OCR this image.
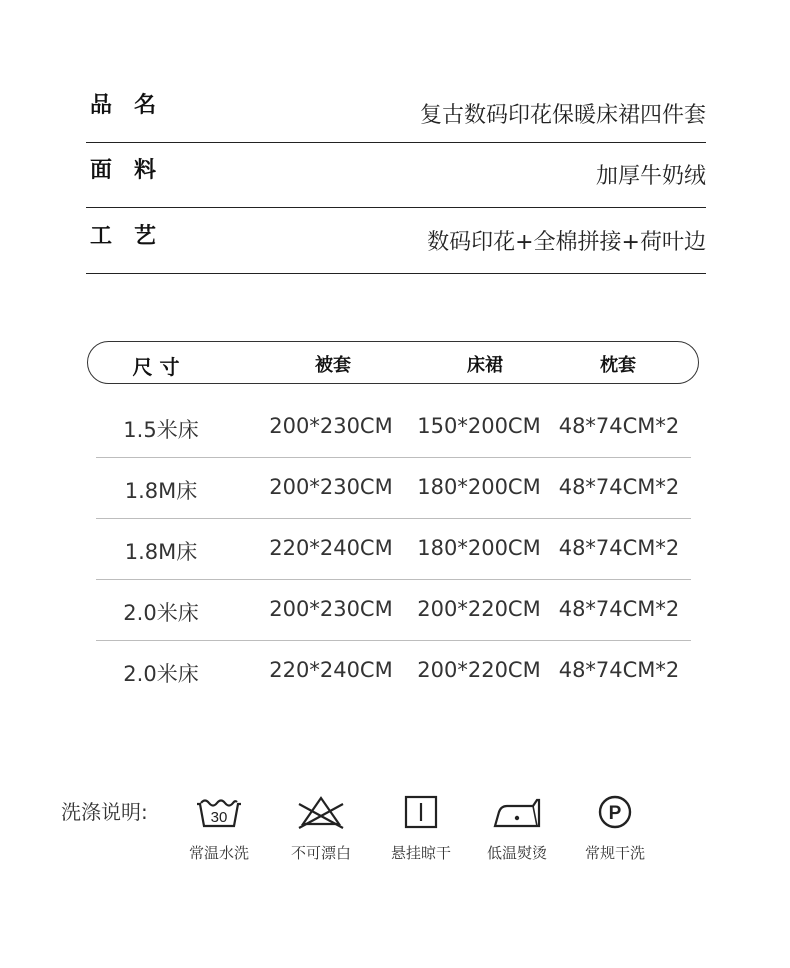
品名	复古数码印花保暖床裙四件套
面料	加厚牛奶绒
工艺	数码印花+全棉拼接+荷叶边
尺 寸	被套	床裙	枕套
1.5米床	200*230CM 150*200CM 48*74CM*2
1.8M床	200*230CM 180*200CM 48*74CM*2
1.8M床	220*240CM 180*200CM 48*74CM*2
2.0米床	200*230CM 200*220CM 48*74CM*2
2.0米床	220*240CM 200*220CM 48*74CM*2
洗涤说明:	30
常温水洗	不可漂白	悬挂晾干	低温熨烫
P
常规干洗
